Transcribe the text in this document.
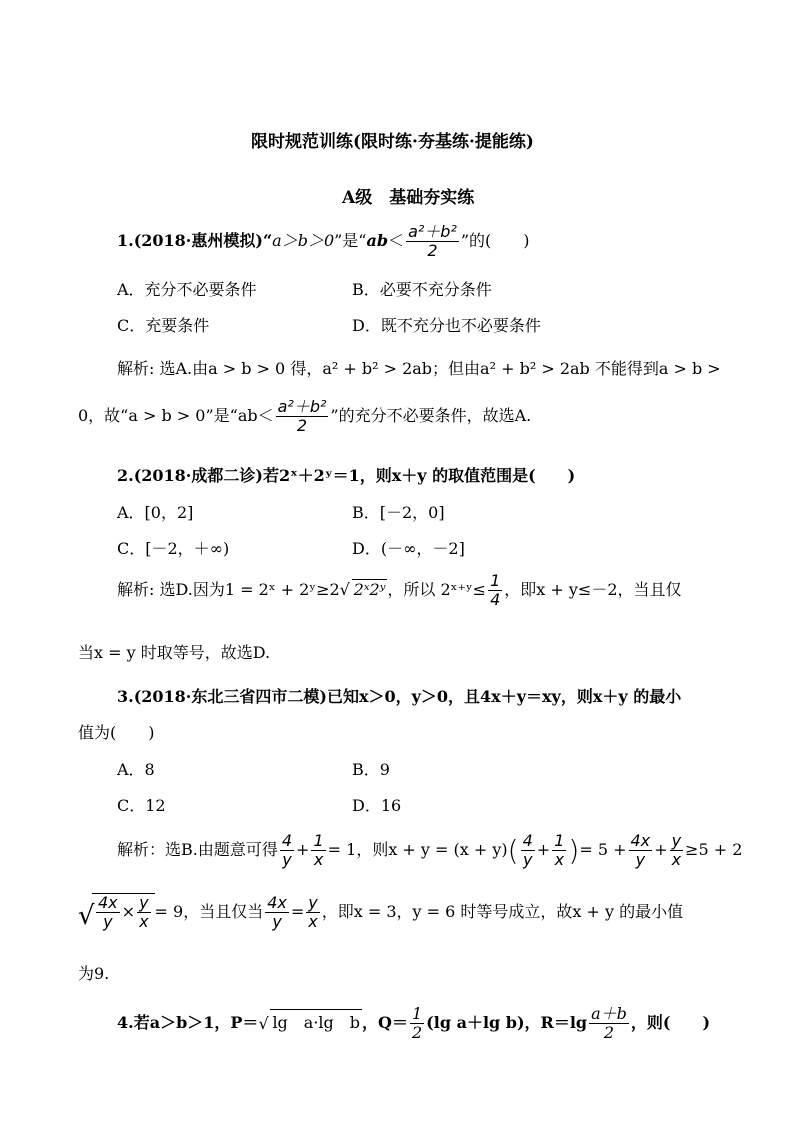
限时规范训练(限时练·夯基练·提能练)
A级　基础夯实练
1.(2018·惠州模拟)“a＞b＞0”是“$ab< \frac{\text{a²＋b²}}{2}$ ”的(　　)
A．充分不必要条件	B．必要不充分条件
C．充要条件	D．既不充分也不必要条件
解析: 选A.由a > b > 0 得，a² + b² > 2ab；但由a² + b² > 2ab 不能得到a > b >
0，故“a > b > 0”是“$ab< \frac{\text{a²＋b²}}{2}$ ”的充分不必要条件，故选A.
2.(2018·成都二诊)若2ˣ＋2ʸ＝1，则x＋y 的取值范围是(　　)
A．[0，2]	B．[－2，0]
C．[－2，＋∞)	D．(－∞，－2]
解析: 选D.因为1 = 2ˣ + 2ʸ≥2 √ 2ˣ2ʸ ，所以 2ˣ⁺ʸ≤ $\frac{1}{4}$ ，即x + y≤－2，当且仅
当x = y 时取等号，故选D.
3.(2018·东北三省四市二模)已知x＞0，y＞0，且4x＋y＝xy，则x＋y 的最小
值为(　　)
A．8	B．9
C．12	D．16
解析：选B.由题意可得 $\frac{4}{y} + \frac{1}{x} = 1$，则$x + y = (x + y)( \frac{4}{y} + \frac{1}{x}$ )= $5 + \frac{4x}{y} + \frac{y}{x} \ge 5 + 2$
√ $\frac{4x}{y} \times \frac{y}{x} = 9$，当且仅当 $\frac{4x}{y} = \frac{y}{x}$ ，即x = 3，y = 6 时等号成立，故x + y 的最小值
为9.
4.若a＞b＞1，P＝ √ lg　a·lg　b ，$Q= \frac{1}{2} (\lg$ a＋lg b)，$R=\lg \frac{a+b}{2}$ ，则(　　)
